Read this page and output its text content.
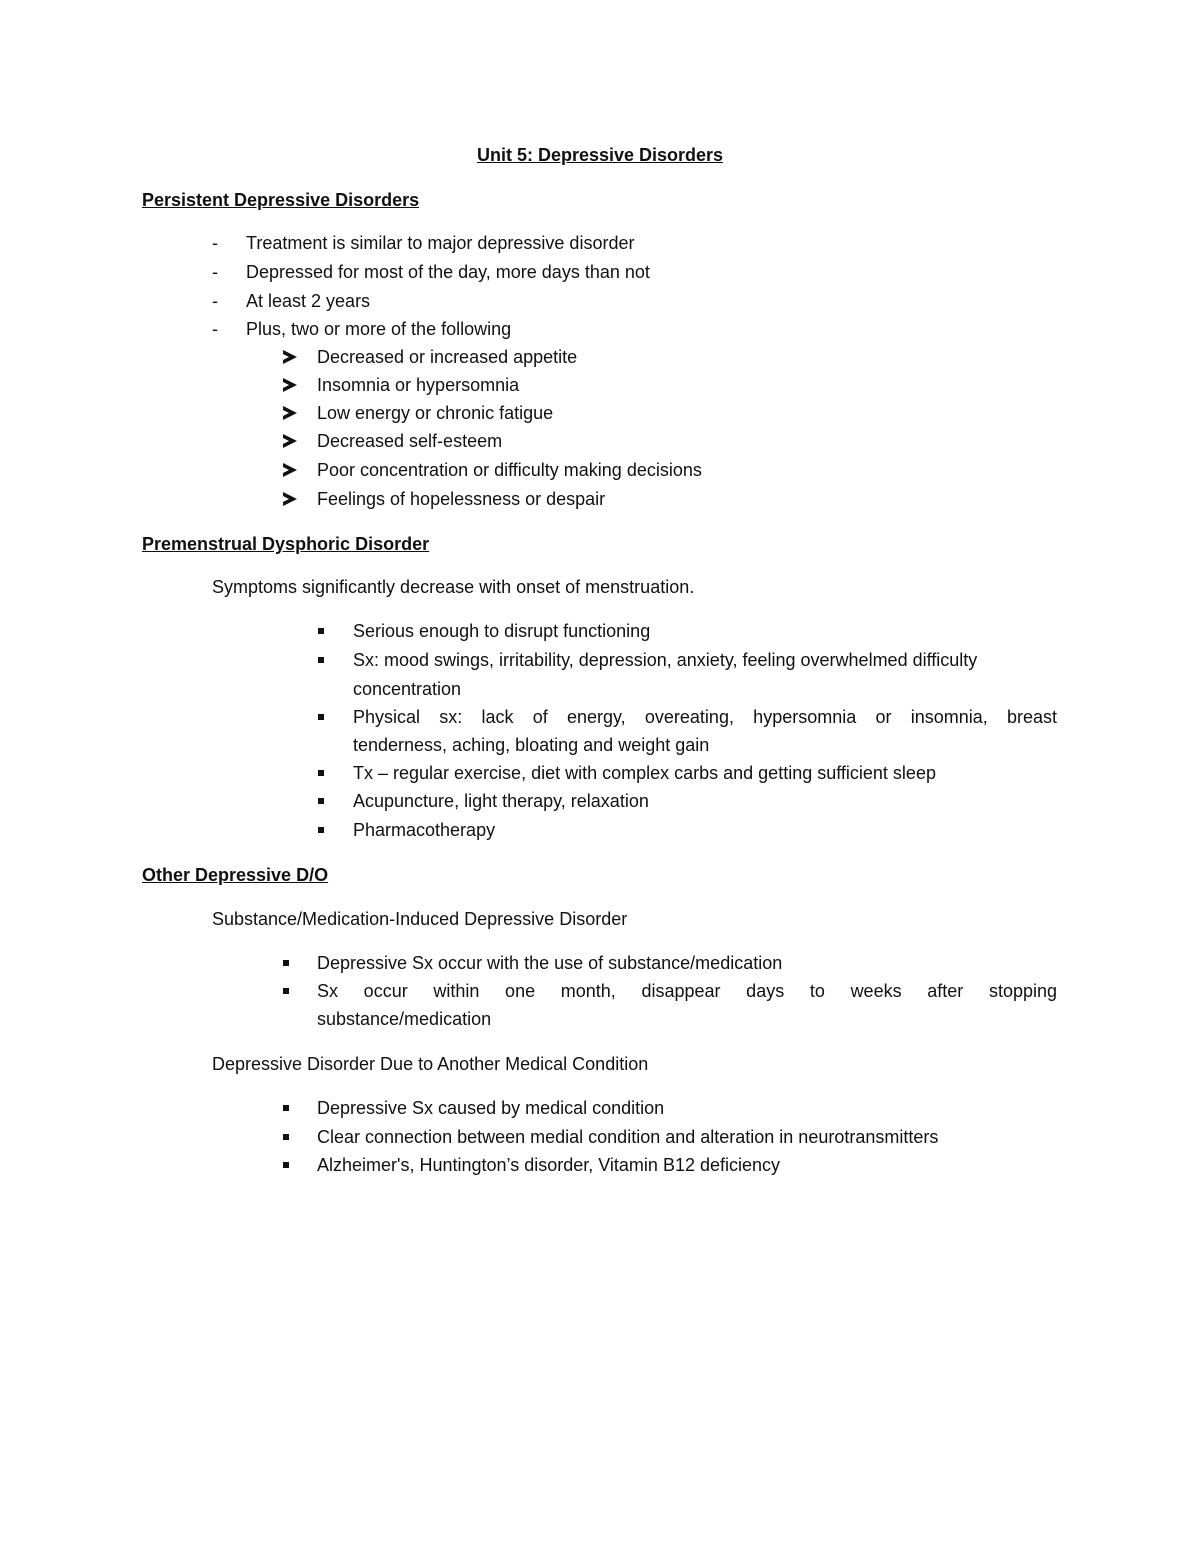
Unit 5: Depressive Disorders
Persistent Depressive Disorders
- Treatment is similar to major depressive disorder
- Depressed for most of the day, more days than not
- At least 2 years
- Plus, two or more of the following
Decreased or increased appetite
Insomnia or hypersomnia
Low energy or chronic fatigue
Decreased self-esteem
Poor concentration or difficulty making decisions
Feelings of hopelessness or despair
Premenstrual Dysphoric Disorder
Symptoms significantly decrease with onset of menstruation.
Serious enough to disrupt functioning
Sx: mood swings, irritability, depression, anxiety, feeling overwhelmed difficulty
concentration
Physical sx: lack of energy, overeating, hypersomnia or insomnia, breast
tenderness, aching, bloating and weight gain
Tx – regular exercise, diet with complex carbs and getting sufficient sleep
Acupuncture, light therapy, relaxation
Pharmacotherapy
Other Depressive D/O
Substance/Medication-Induced Depressive Disorder
Depressive Sx occur with the use of substance/medication
Sx occur within one month, disappear days to weeks after stopping
substance/medication
Depressive Disorder Due to Another Medical Condition
Depressive Sx caused by medical condition
Clear connection between medial condition and alteration in neurotransmitters
Alzheimer's, Huntington’s disorder, Vitamin B12 deficiency
